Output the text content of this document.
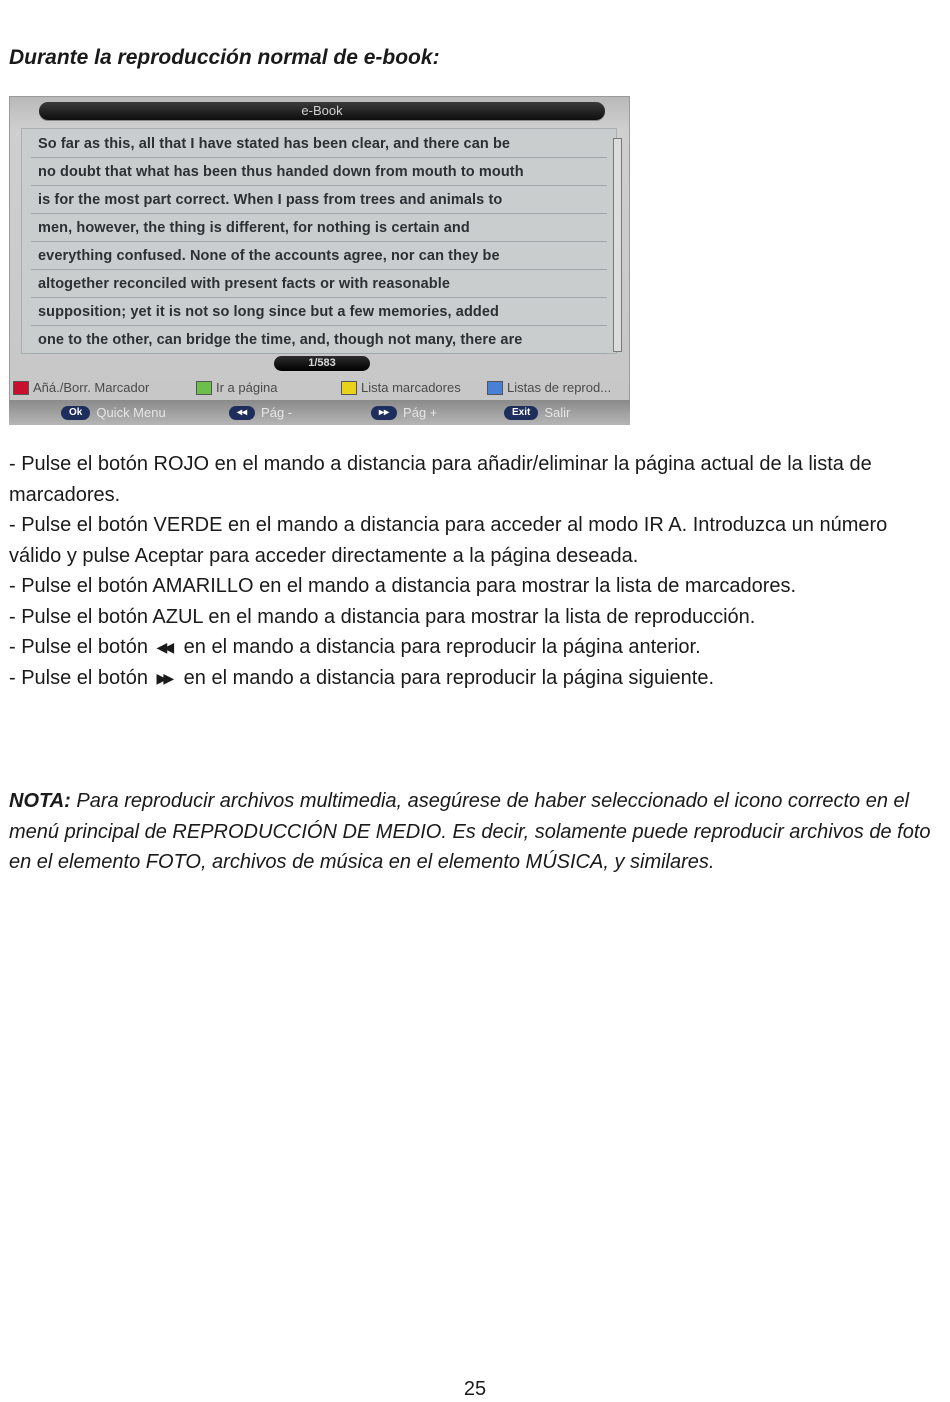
Durante la reproducción normal de e-book:
e-Book
So far as this, all that I have stated has been clear, and there can be
no doubt that what has been thus handed down from mouth to mouth
is for the most part correct. When I pass from trees and animals to
men, however, the thing is different, for nothing is certain and
everything confused. None of the accounts agree, nor can they be
altogether reconciled with present facts or with reasonable
supposition; yet it is not so long since but a few memories, added
one to the other, can bridge the time, and, though not many, there are
1/583
Añá./Borr. Marcador	Ir a página	Lista marcadores	Listas de reprod...
Ok	Quick Menu	◂◂	Pág -	▸▸	Pág +	Exit	Salir

- Pulse el botón ROJO en el mando a distancia para añadir/eliminar la página actual de la lista de marcadores.

- Pulse el botón VERDE en el mando a distancia para acceder al modo IR A. Introduzca un número válido y pulse Aceptar para acceder directamente a la página deseada.

- Pulse el botón AMARILLO en el mando a distancia para mostrar la lista de marcadores.

- Pulse el botón AZUL en el mando a distancia para mostrar la lista de reproducción.

- Pulse el botón ◀◀ en el mando a distancia para reproducir la página anterior.

- Pulse el botón ▶▶ en el mando a distancia para reproducir la página siguiente.

NOTA: Para reproducir archivos multimedia, asegúrese de haber seleccionado el icono correcto en el menú principal de REPRODUCCIÓN DE MEDIO. Es decir, solamente puede reproducir archivos de foto en el elemento FOTO, archivos de música en el elemento MÚSICA, y similares.
25
